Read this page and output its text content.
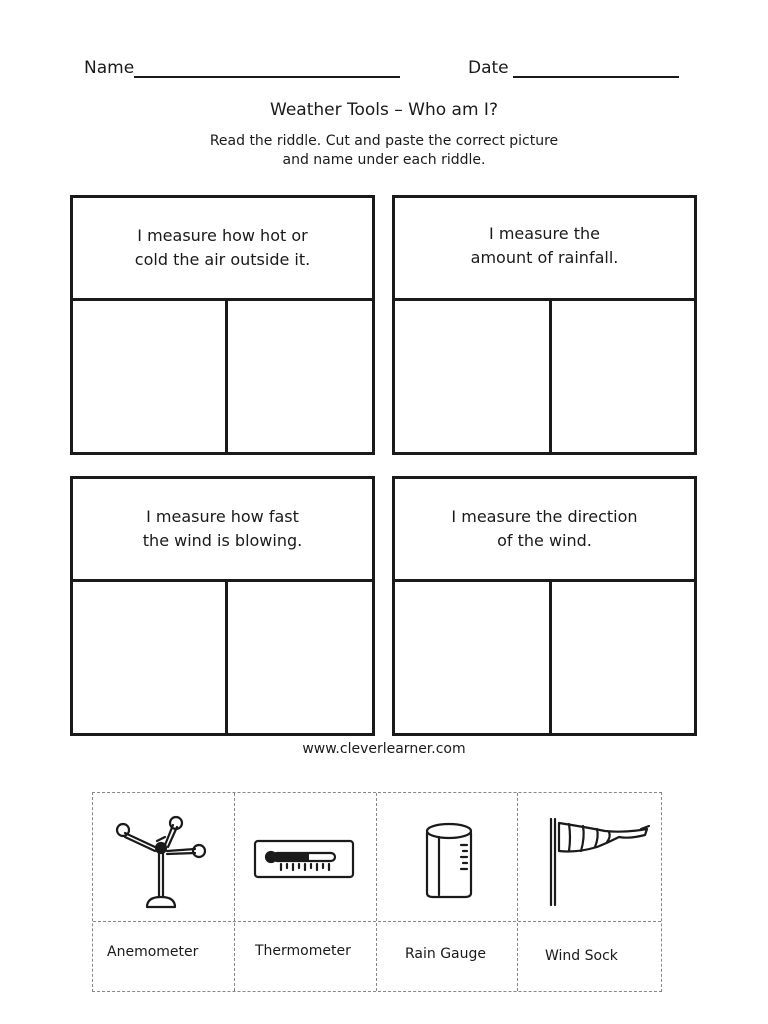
Name	Date
Weather Tools – Who am I?
Read the riddle. Cut and paste the correct picture
and name under each riddle.
I measure how hot or
cold the air outside it.
I measure the
amount of rainfall.
I measure how fast
the wind is blowing.
I measure the direction
of the wind.
www.cleverlearner.com
Anemometer	Thermometer	Rain Gauge	Wind Sock
